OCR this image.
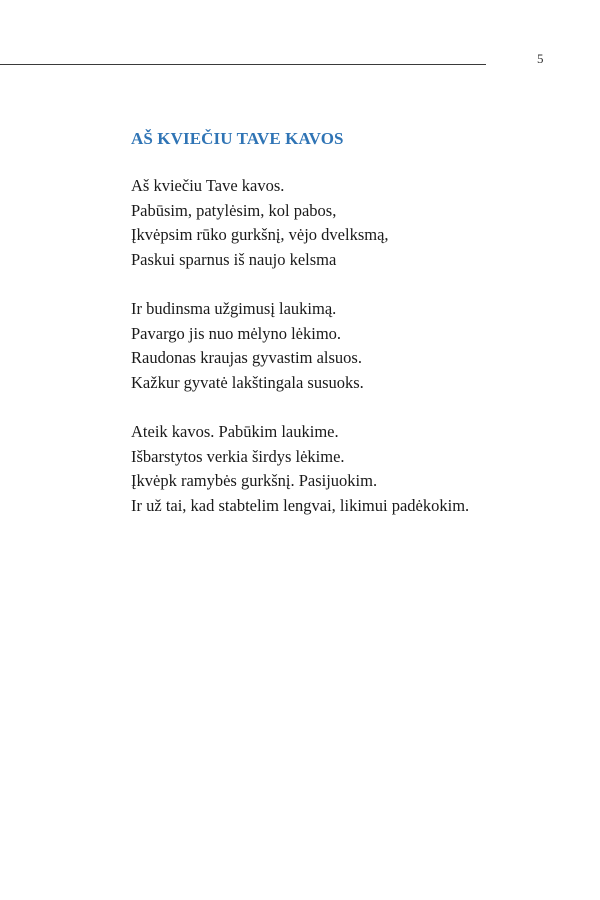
5
AŠ KVIEČIU TAVE KAVOS
Aš kviečiu Tave kavos.
Pabūsim, patylėsim, kol pabos,
Įkvėpsim rūko gurkšnį, vėjo dvelksmą,
Paskui sparnus iš naujo kelsma
Ir budinsma užgimusį laukimą.
Pavargo jis nuo mėlyno lėkimo.
Raudonas kraujas gyvastim alsuos.
Kažkur gyvatė lakštingala susuoks.
Ateik kavos. Pabūkim laukime.
Išbarstytos verkia širdys lėkime.
Įkvėpk ramybės gurkšnį. Pasijuokim.
Ir už tai, kad stabtelim lengvai, likimui padėkokim.
